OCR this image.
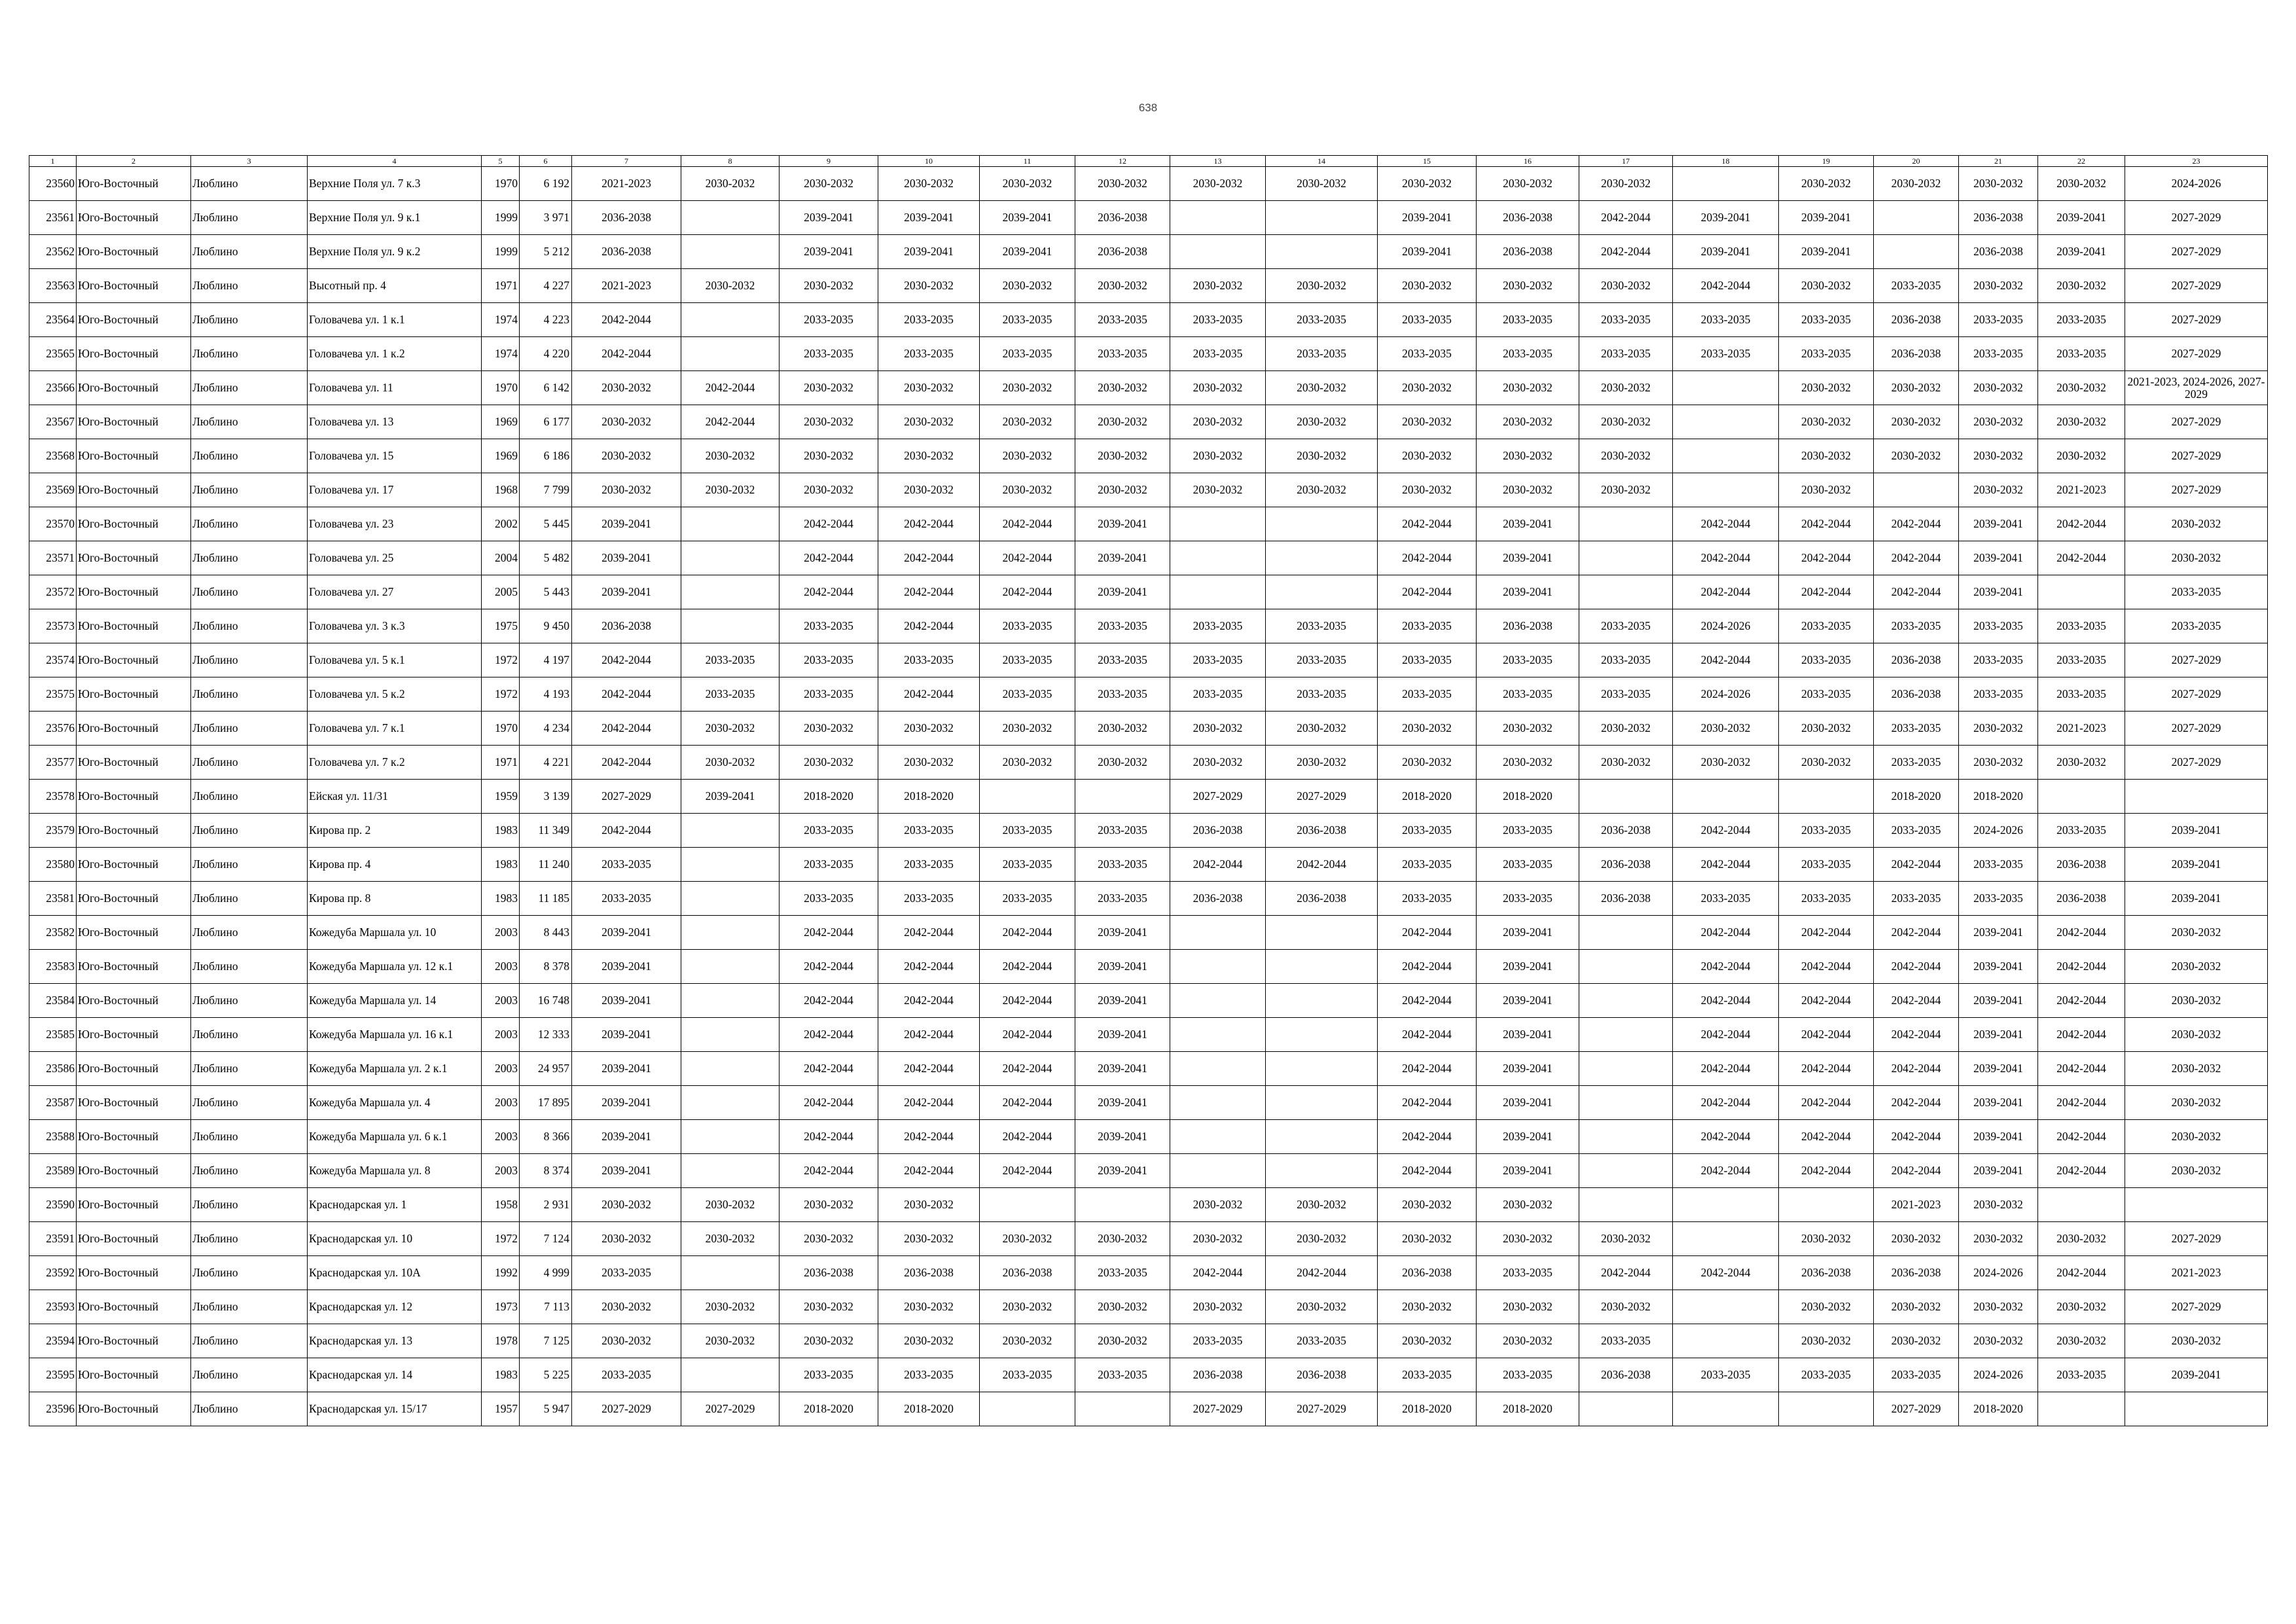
638
1	2	3	4	5	6	7	8	9	10	11	12	13	14	15	16	17	18	19	20	21	22	23
23560	Юго-Восточный	Люблино	Верхние Поля ул. 7 к.3	1970	6 192	2021-2023	2030-2032	2030-2032	2030-2032	2030-2032	2030-2032	2030-2032	2030-2032	2030-2032	2030-2032	2030-2032		2030-2032	2030-2032	2030-2032	2030-2032	2024-2026
23561	Юго-Восточный	Люблино	Верхние Поля ул. 9 к.1	1999	3 971	2036-2038		2039-2041	2039-2041	2039-2041	2036-2038			2039-2041	2036-2038	2042-2044	2039-2041	2039-2041		2036-2038	2039-2041	2027-2029
23562	Юго-Восточный	Люблино	Верхние Поля ул. 9 к.2	1999	5 212	2036-2038		2039-2041	2039-2041	2039-2041	2036-2038			2039-2041	2036-2038	2042-2044	2039-2041	2039-2041		2036-2038	2039-2041	2027-2029
23563	Юго-Восточный	Люблино	Высотный пр. 4	1971	4 227	2021-2023	2030-2032	2030-2032	2030-2032	2030-2032	2030-2032	2030-2032	2030-2032	2030-2032	2030-2032	2030-2032	2042-2044	2030-2032	2033-2035	2030-2032	2030-2032	2027-2029
23564	Юго-Восточный	Люблино	Головачева ул. 1 к.1	1974	4 223	2042-2044		2033-2035	2033-2035	2033-2035	2033-2035	2033-2035	2033-2035	2033-2035	2033-2035	2033-2035	2033-2035	2033-2035	2036-2038	2033-2035	2033-2035	2027-2029
23565	Юго-Восточный	Люблино	Головачева ул. 1 к.2	1974	4 220	2042-2044		2033-2035	2033-2035	2033-2035	2033-2035	2033-2035	2033-2035	2033-2035	2033-2035	2033-2035	2033-2035	2033-2035	2036-2038	2033-2035	2033-2035	2027-2029
23566	Юго-Восточный	Люблино	Головачева ул. 11	1970	6 142	2030-2032	2042-2044	2030-2032	2030-2032	2030-2032	2030-2032	2030-2032	2030-2032	2030-2032	2030-2032	2030-2032		2030-2032	2030-2032	2030-2032	2030-2032	2021-2023, 2024-2026, 2027-2029
23567	Юго-Восточный	Люблино	Головачева ул. 13	1969	6 177	2030-2032	2042-2044	2030-2032	2030-2032	2030-2032	2030-2032	2030-2032	2030-2032	2030-2032	2030-2032	2030-2032		2030-2032	2030-2032	2030-2032	2030-2032	2027-2029
23568	Юго-Восточный	Люблино	Головачева ул. 15	1969	6 186	2030-2032	2030-2032	2030-2032	2030-2032	2030-2032	2030-2032	2030-2032	2030-2032	2030-2032	2030-2032	2030-2032		2030-2032	2030-2032	2030-2032	2030-2032	2027-2029
23569	Юго-Восточный	Люблино	Головачева ул. 17	1968	7 799	2030-2032	2030-2032	2030-2032	2030-2032	2030-2032	2030-2032	2030-2032	2030-2032	2030-2032	2030-2032	2030-2032		2030-2032		2030-2032	2021-2023	2027-2029
23570	Юго-Восточный	Люблино	Головачева ул. 23	2002	5 445	2039-2041		2042-2044	2042-2044	2042-2044	2039-2041			2042-2044	2039-2041		2042-2044	2042-2044	2042-2044	2039-2041	2042-2044	2030-2032
23571	Юго-Восточный	Люблино	Головачева ул. 25	2004	5 482	2039-2041		2042-2044	2042-2044	2042-2044	2039-2041			2042-2044	2039-2041		2042-2044	2042-2044	2042-2044	2039-2041	2042-2044	2030-2032
23572	Юго-Восточный	Люблино	Головачева ул. 27	2005	5 443	2039-2041		2042-2044	2042-2044	2042-2044	2039-2041			2042-2044	2039-2041		2042-2044	2042-2044	2042-2044	2039-2041		2033-2035
23573	Юго-Восточный	Люблино	Головачева ул. 3 к.3	1975	9 450	2036-2038		2033-2035	2042-2044	2033-2035	2033-2035	2033-2035	2033-2035	2033-2035	2036-2038	2033-2035	2024-2026	2033-2035	2033-2035	2033-2035	2033-2035	2033-2035
23574	Юго-Восточный	Люблино	Головачева ул. 5 к.1	1972	4 197	2042-2044	2033-2035	2033-2035	2033-2035	2033-2035	2033-2035	2033-2035	2033-2035	2033-2035	2033-2035	2033-2035	2042-2044	2033-2035	2036-2038	2033-2035	2033-2035	2027-2029
23575	Юго-Восточный	Люблино	Головачева ул. 5 к.2	1972	4 193	2042-2044	2033-2035	2033-2035	2042-2044	2033-2035	2033-2035	2033-2035	2033-2035	2033-2035	2033-2035	2033-2035	2024-2026	2033-2035	2036-2038	2033-2035	2033-2035	2027-2029
23576	Юго-Восточный	Люблино	Головачева ул. 7 к.1	1970	4 234	2042-2044	2030-2032	2030-2032	2030-2032	2030-2032	2030-2032	2030-2032	2030-2032	2030-2032	2030-2032	2030-2032	2030-2032	2030-2032	2033-2035	2030-2032	2021-2023	2027-2029
23577	Юго-Восточный	Люблино	Головачева ул. 7 к.2	1971	4 221	2042-2044	2030-2032	2030-2032	2030-2032	2030-2032	2030-2032	2030-2032	2030-2032	2030-2032	2030-2032	2030-2032	2030-2032	2030-2032	2033-2035	2030-2032	2030-2032	2027-2029
23578	Юго-Восточный	Люблино	Ейская ул. 11/31	1959	3 139	2027-2029	2039-2041	2018-2020	2018-2020			2027-2029	2027-2029	2018-2020	2018-2020				2018-2020	2018-2020		
23579	Юго-Восточный	Люблино	Кирова пр. 2	1983	11 349	2042-2044		2033-2035	2033-2035	2033-2035	2033-2035	2036-2038	2036-2038	2033-2035	2033-2035	2036-2038	2042-2044	2033-2035	2033-2035	2024-2026	2033-2035	2039-2041
23580	Юго-Восточный	Люблино	Кирова пр. 4	1983	11 240	2033-2035		2033-2035	2033-2035	2033-2035	2033-2035	2042-2044	2042-2044	2033-2035	2033-2035	2036-2038	2042-2044	2033-2035	2042-2044	2033-2035	2036-2038	2039-2041
23581	Юго-Восточный	Люблино	Кирова пр. 8	1983	11 185	2033-2035		2033-2035	2033-2035	2033-2035	2033-2035	2036-2038	2036-2038	2033-2035	2033-2035	2036-2038	2033-2035	2033-2035	2033-2035	2033-2035	2036-2038	2039-2041
23582	Юго-Восточный	Люблино	Кожедуба Маршала ул. 10	2003	8 443	2039-2041		2042-2044	2042-2044	2042-2044	2039-2041			2042-2044	2039-2041		2042-2044	2042-2044	2042-2044	2039-2041	2042-2044	2030-2032
23583	Юго-Восточный	Люблино	Кожедуба Маршала ул. 12 к.1	2003	8 378	2039-2041		2042-2044	2042-2044	2042-2044	2039-2041			2042-2044	2039-2041		2042-2044	2042-2044	2042-2044	2039-2041	2042-2044	2030-2032
23584	Юго-Восточный	Люблино	Кожедуба Маршала ул. 14	2003	16 748	2039-2041		2042-2044	2042-2044	2042-2044	2039-2041			2042-2044	2039-2041		2042-2044	2042-2044	2042-2044	2039-2041	2042-2044	2030-2032
23585	Юго-Восточный	Люблино	Кожедуба Маршала ул. 16 к.1	2003	12 333	2039-2041		2042-2044	2042-2044	2042-2044	2039-2041			2042-2044	2039-2041		2042-2044	2042-2044	2042-2044	2039-2041	2042-2044	2030-2032
23586	Юго-Восточный	Люблино	Кожедуба Маршала ул. 2 к.1	2003	24 957	2039-2041		2042-2044	2042-2044	2042-2044	2039-2041			2042-2044	2039-2041		2042-2044	2042-2044	2042-2044	2039-2041	2042-2044	2030-2032
23587	Юго-Восточный	Люблино	Кожедуба Маршала ул. 4	2003	17 895	2039-2041		2042-2044	2042-2044	2042-2044	2039-2041			2042-2044	2039-2041		2042-2044	2042-2044	2042-2044	2039-2041	2042-2044	2030-2032
23588	Юго-Восточный	Люблино	Кожедуба Маршала ул. 6 к.1	2003	8 366	2039-2041		2042-2044	2042-2044	2042-2044	2039-2041			2042-2044	2039-2041		2042-2044	2042-2044	2042-2044	2039-2041	2042-2044	2030-2032
23589	Юго-Восточный	Люблино	Кожедуба Маршала ул. 8	2003	8 374	2039-2041		2042-2044	2042-2044	2042-2044	2039-2041			2042-2044	2039-2041		2042-2044	2042-2044	2042-2044	2039-2041	2042-2044	2030-2032
23590	Юго-Восточный	Люблино	Краснодарская ул. 1	1958	2 931	2030-2032	2030-2032	2030-2032	2030-2032			2030-2032	2030-2032	2030-2032	2030-2032				2021-2023	2030-2032		
23591	Юго-Восточный	Люблино	Краснодарская ул. 10	1972	7 124	2030-2032	2030-2032	2030-2032	2030-2032	2030-2032	2030-2032	2030-2032	2030-2032	2030-2032	2030-2032	2030-2032		2030-2032	2030-2032	2030-2032	2030-2032	2027-2029
23592	Юго-Восточный	Люблино	Краснодарская ул. 10А	1992	4 999	2033-2035		2036-2038	2036-2038	2036-2038	2033-2035	2042-2044	2042-2044	2036-2038	2033-2035	2042-2044	2042-2044	2036-2038	2036-2038	2024-2026	2042-2044	2021-2023
23593	Юго-Восточный	Люблино	Краснодарская ул. 12	1973	7 113	2030-2032	2030-2032	2030-2032	2030-2032	2030-2032	2030-2032	2030-2032	2030-2032	2030-2032	2030-2032	2030-2032		2030-2032	2030-2032	2030-2032	2030-2032	2027-2029
23594	Юго-Восточный	Люблино	Краснодарская ул. 13	1978	7 125	2030-2032	2030-2032	2030-2032	2030-2032	2030-2032	2030-2032	2033-2035	2033-2035	2030-2032	2030-2032	2033-2035		2030-2032	2030-2032	2030-2032	2030-2032	2030-2032
23595	Юго-Восточный	Люблино	Краснодарская ул. 14	1983	5 225	2033-2035		2033-2035	2033-2035	2033-2035	2033-2035	2036-2038	2036-2038	2033-2035	2033-2035	2036-2038	2033-2035	2033-2035	2033-2035	2024-2026	2033-2035	2039-2041
23596	Юго-Восточный	Люблино	Краснодарская ул. 15/17	1957	5 947	2027-2029	2027-2029	2018-2020	2018-2020			2027-2029	2027-2029	2018-2020	2018-2020				2027-2029	2018-2020		
